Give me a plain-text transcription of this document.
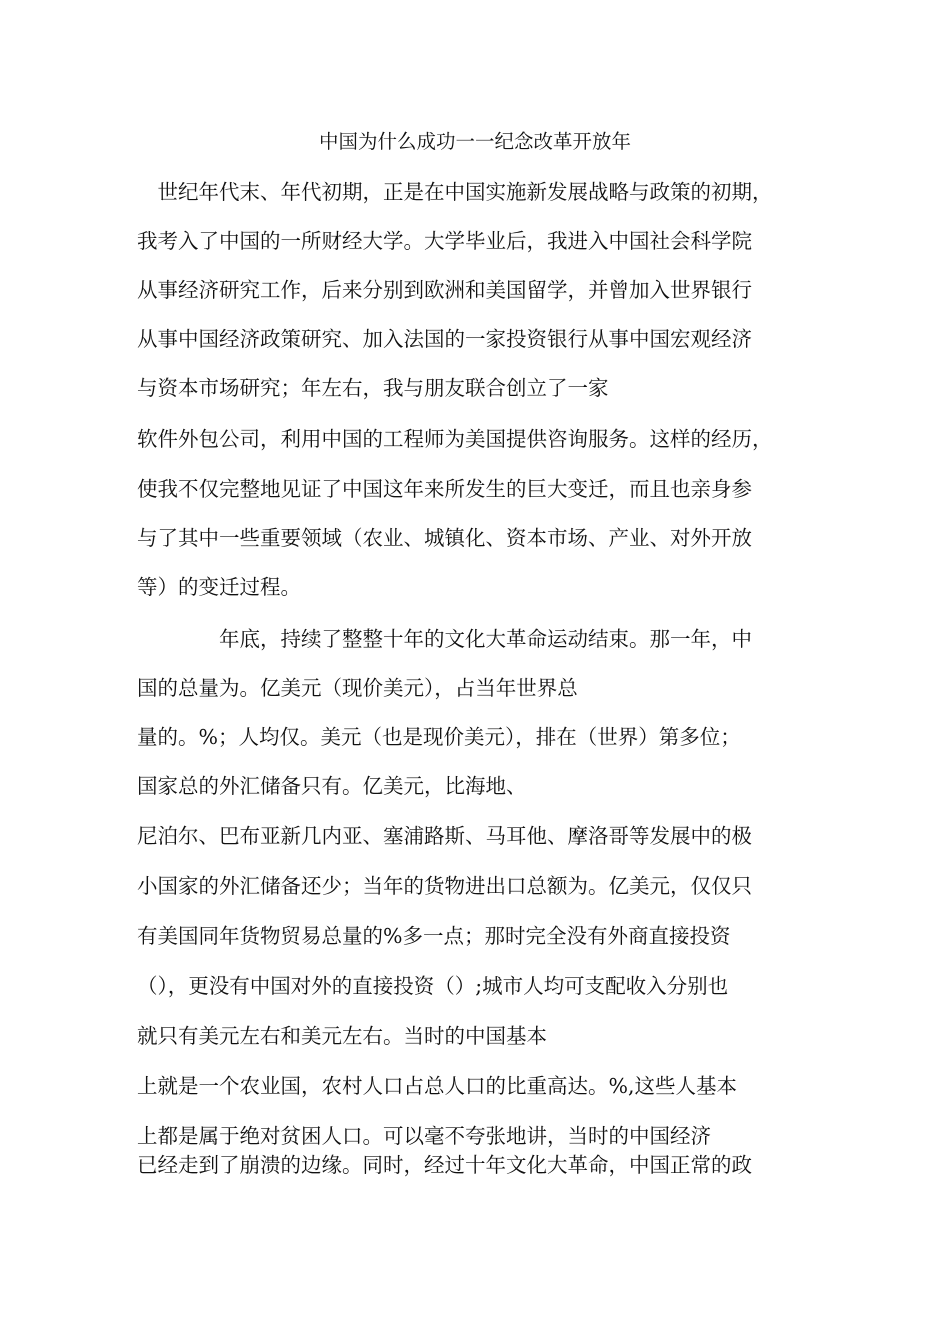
中国为什么成功一一纪念改革开放年
　世纪年代末、年代初期，正是在中国实施新发展战略与政策的初期，
我考入了中国的一所财经大学。大学毕业后，我进入中国社会科学院
从事经济研究工作，后来分别到欧洲和美国留学，并曾加入世界银行
从事中国经济政策研究、加入法国的一家投资银行从事中国宏观经济
与资本市场研究；年左右，我与朋友联合创立了一家
软件外包公司，利用中国的工程师为美国提供咨询服务。这样的经历，
使我不仅完整地见证了中国这年来所发生的巨大变迁，而且也亲身参
与了其中一些重要领域（农业、城镇化、资本市场、产业、对外开放
等）的变迁过程。
　　　　年底，持续了整整十年的文化大革命运动结束。那一年，中
国的总量为。亿美元（现价美元），占当年世界总
量的。%；人均仅。美元（也是现价美元），排在（世界）第多位；
国家总的外汇储备只有。亿美元，比海地、
尼泊尔、巴布亚新几内亚、塞浦路斯、马耳他、摩洛哥等发展中的极
小国家的外汇储备还少；当年的货物进出口总额为。亿美元，仅仅只
有美国同年货物贸易总量的%多一点；那时完全没有外商直接投资
（），更没有中国对外的直接投资（）;城市人均可支配收入分别也
就只有美元左右和美元左右。当时的中国基本
上就是一个农业国，农村人口占总人口的比重高达。%,这些人基本
上都是属于绝对贫困人口。可以毫不夸张地讲，当时的中国经济
已经走到了崩溃的边缘。同时，经过十年文化大革命，中国正常的政
